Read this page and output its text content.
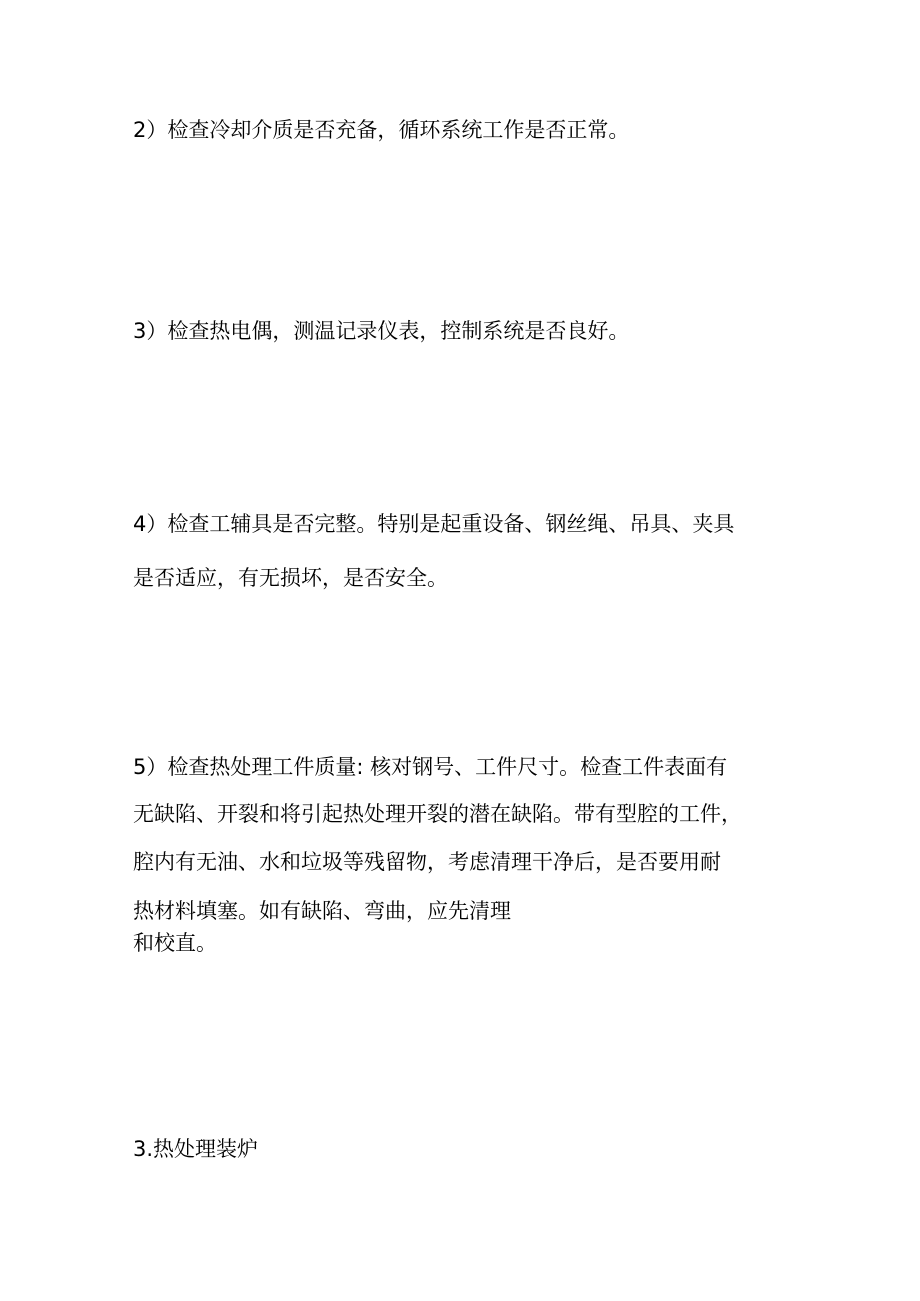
2）检查冷却介质是否充备，循环系统工作是否正常。

3）检查热电偶，测温记录仪表，控制系统是否良好。

4）检查工辅具是否完整。特别是起重设备、钢丝绳、吊具、夹具
是否适应，有无损坏，是否安全。

5）检查热处理工件质量: 核对钢号、工件尺寸。检查工件表面有
无缺陷、开裂和将引起热处理开裂的潜在缺陷。带有型腔的工件，
腔内有无油、水和垃圾等残留物，考虑清理干净后，是否要用耐
热材料填塞。如有缺陷、弯曲，应先清理
和校直。

3.热处理装炉
